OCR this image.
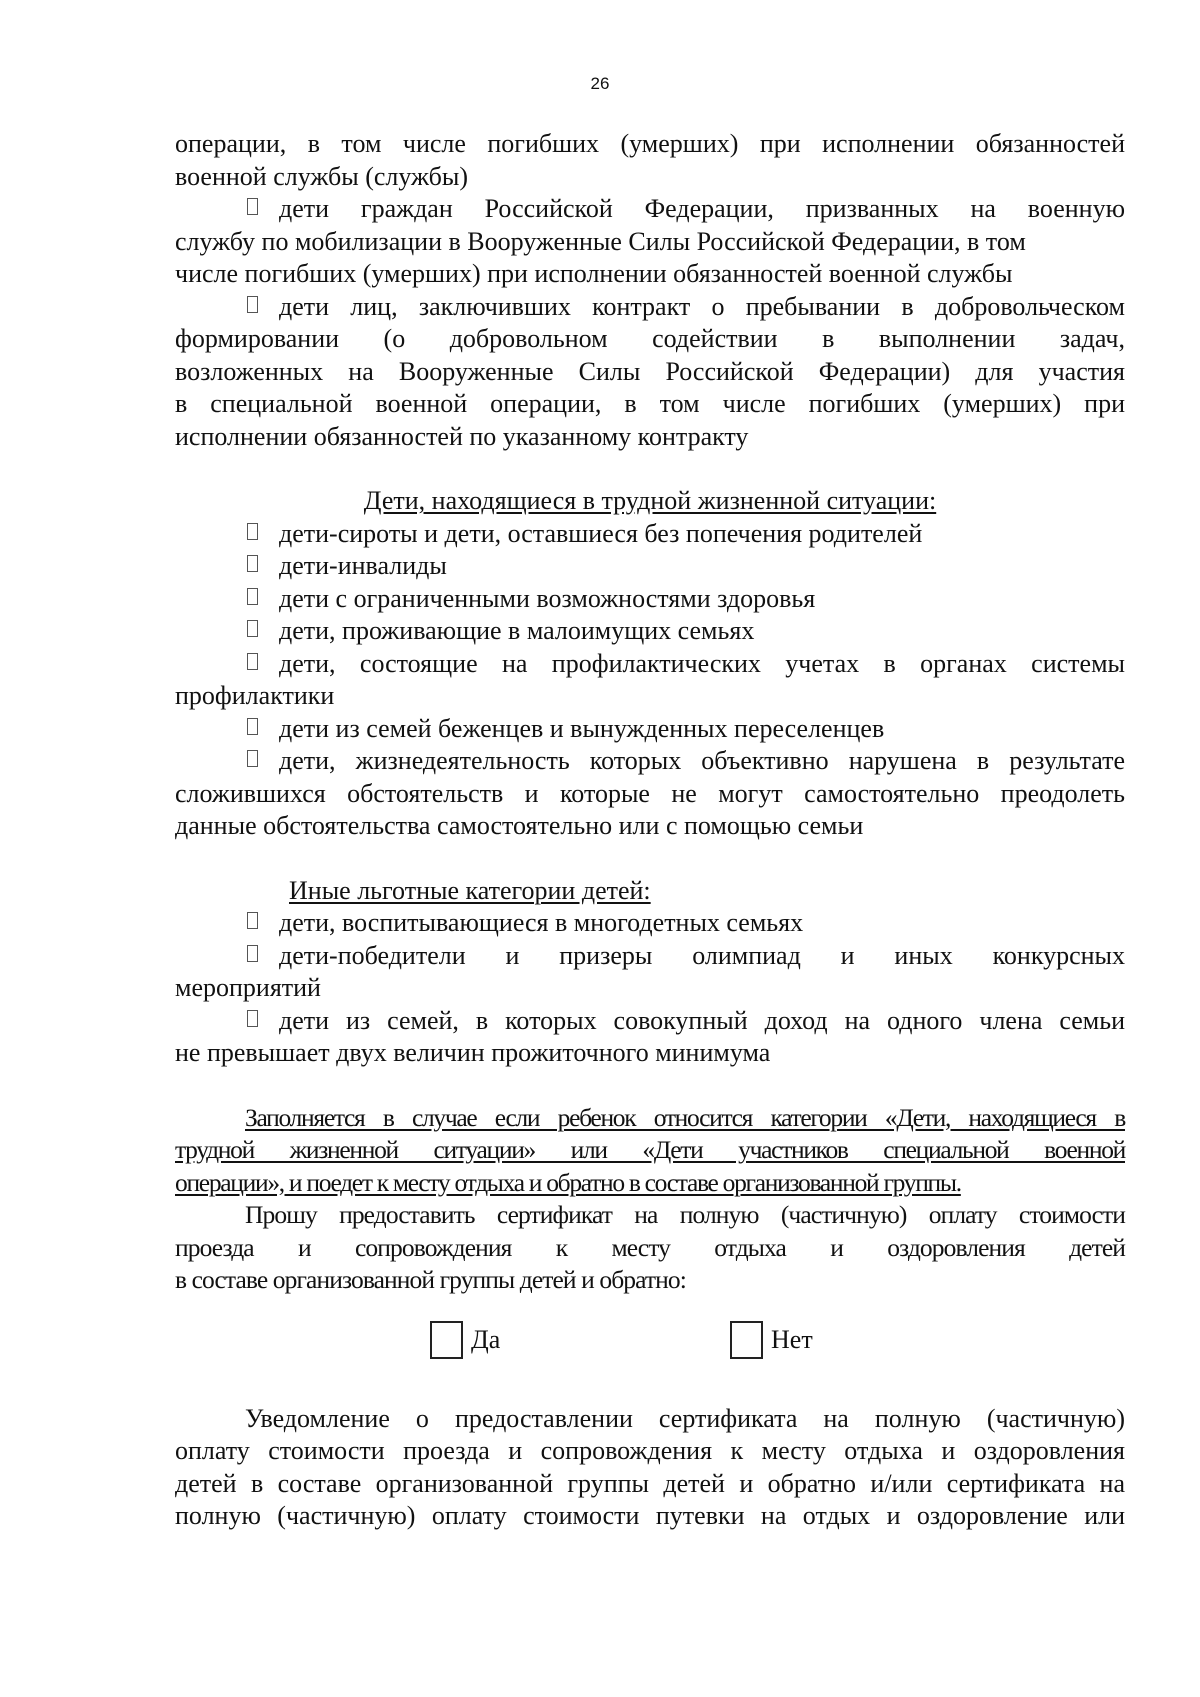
26
операции, в том числе погибших (умерших) при исполнении обязанностей
военной службы (службы)
дети граждан Российской Федерации, призванных на военную
службу по мобилизации в Вооруженные Силы Российской Федерации, в том
числе погибших (умерших) при исполнении обязанностей военной службы
дети лиц, заключивших контракт о пребывании в добровольческом
формировании (о добровольном содействии в выполнении задач,
возложенных на Вооруженные Силы Российской Федерации) для участия
в специальной военной операции, в том числе погибших (умерших) при
исполнении обязанностей по указанному контракту
Дети, находящиеся в трудной жизненной ситуации:
дети-сироты и дети, оставшиеся без попечения родителей
дети-инвалиды
дети с ограниченными возможностями здоровья
дети, проживающие в малоимущих семьях
дети, состоящие на профилактических учетах в органах системы
профилактики
дети из семей беженцев и вынужденных переселенцев
дети, жизнедеятельность которых объективно нарушена в результате
сложившихся обстоятельств и которые не могут самостоятельно преодолеть
данные обстоятельства самостоятельно или с помощью семьи
Иные льготные категории детей:
дети, воспитывающиеся в многодетных семьях
дети-победители и призеры олимпиад и иных конкурсных
мероприятий
дети из семей, в которых совокупный доход на одного члена семьи
не превышает двух величин прожиточного минимума
Заполняется в случае если ребенок относится категории «Дети, находящиеся в
трудной жизненной ситуации» или «Дети участников специальной военной
операции», и поедет к месту отдыха и обратно в составе организованной группы.
Прошу предоставить сертификат на полную (частичную) оплату стоимости
проезда и сопровождения к месту отдыха и оздоровления детей
в составе организованной группы детей и обратно:
Да	Нет
Уведомление о предоставлении сертификата на полную (частичную)
оплату стоимости проезда и сопровождения к месту отдыха и оздоровления
детей в составе организованной группы детей и обратно и/или сертификата на
полную (частичную) оплату стоимости путевки на отдых и оздоровление или
